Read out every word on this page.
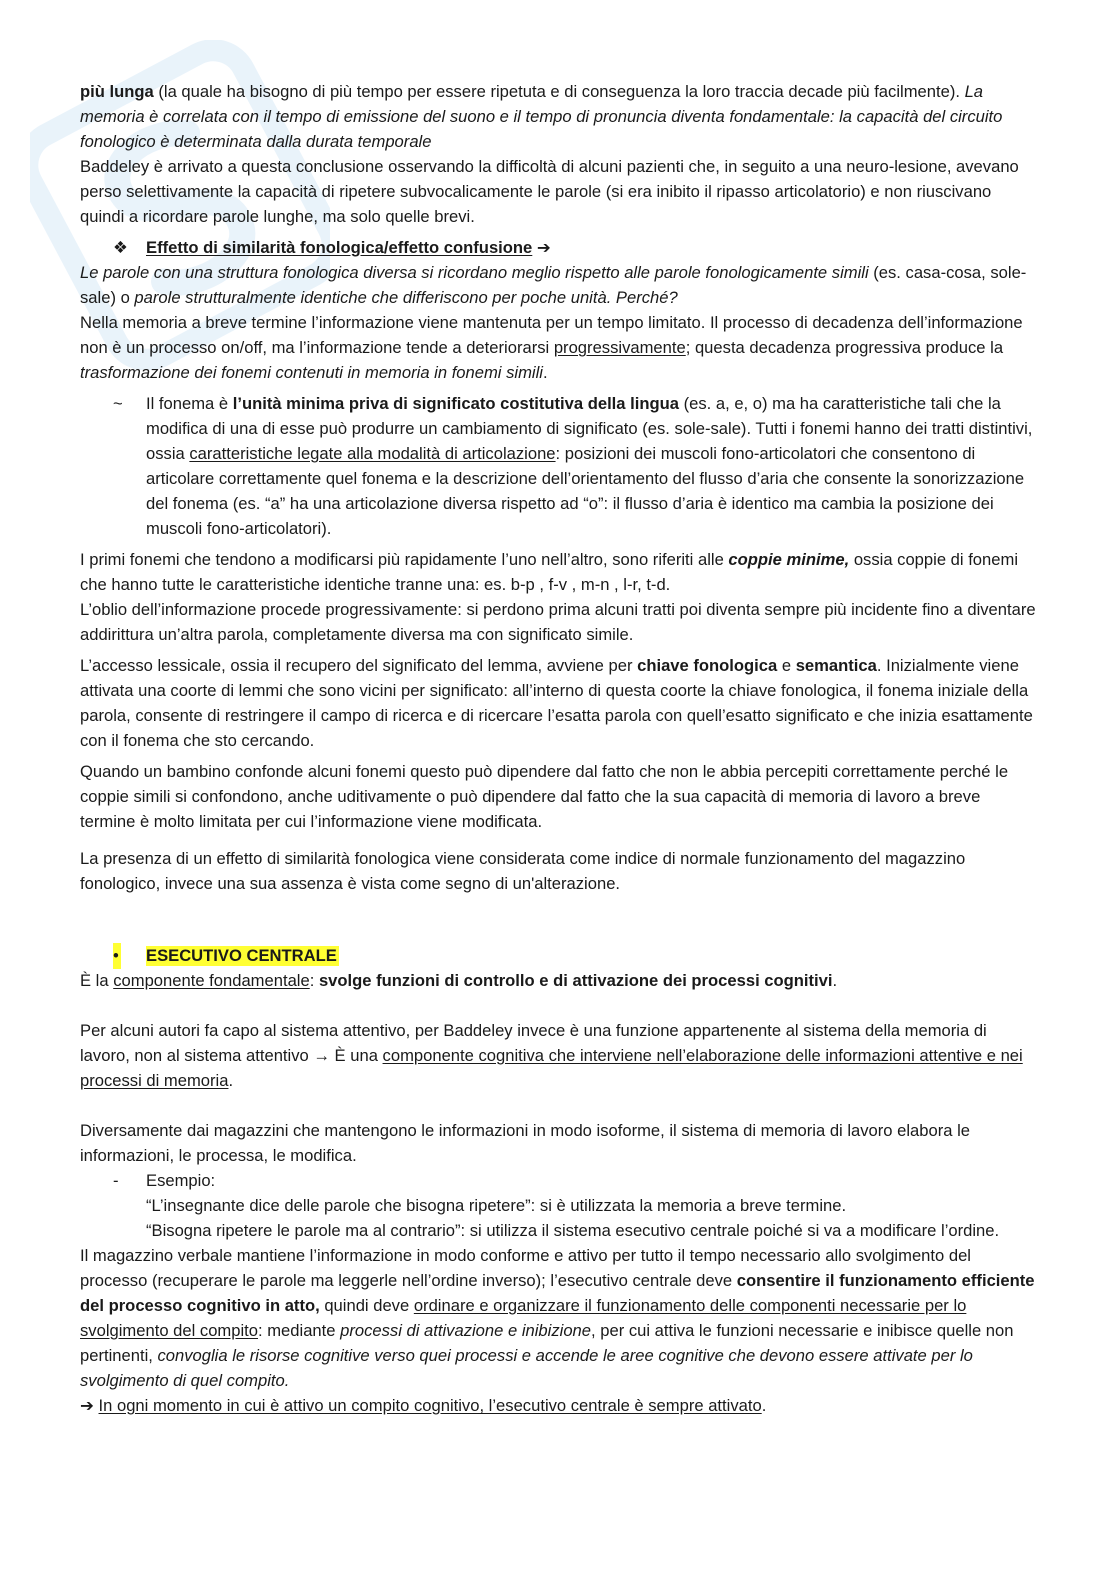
più lunga (la quale ha bisogno di più tempo per essere ripetuta e di conseguenza la loro traccia decade più facilmente). La memoria è correlata con il tempo di emissione del suono e il tempo di pronuncia diventa fondamentale: la capacità del circuito fonologico è determinata dalla durata temporale

Baddeley è arrivato a questa conclusione osservando la difficoltà di alcuni pazienti che, in seguito a una neuro-lesione, avevano perso selettivamente la capacità di ripetere subvocalicamente le parole (si era inibito il ripasso articolatorio) e non riuscivano quindi a ricordare parole lunghe, ma solo quelle brevi.

❖ Effetto di similarità fonologica/effetto confusione ➔

Le parole con una struttura fonologica diversa si ricordano meglio rispetto alle parole fonologicamente simili (es. casa-cosa, sole-sale) o parole strutturalmente identiche che differiscono per poche unità. Perché?

Nella memoria a breve termine l’informazione viene mantenuta per un tempo limitato. Il processo di decadenza dell’informazione non è un processo on/off, ma l’informazione tende a deteriorarsi progressivamente; questa decadenza progressiva produce la trasformazione dei fonemi contenuti in memoria in fonemi simili.

~ Il fonema è l’unità minima priva di significato costitutiva della lingua (es. a, e, o) ma ha caratteristiche tali che la modifica di una di esse può produrre un cambiamento di significato (es. sole-sale). Tutti i fonemi hanno dei tratti distintivi, ossia caratteristiche legate alla modalità di articolazione: posizioni dei muscoli fono-articolatori che consentono di articolare correttamente quel fonema e la descrizione dell’orientamento del flusso d’aria che consente la sonorizzazione del fonema (es. “a” ha una articolazione diversa rispetto ad “o”: il flusso d’aria è identico ma cambia la posizione dei muscoli fono-articolatori).

I primi fonemi che tendono a modificarsi più rapidamente l’uno nell’altro, sono riferiti alle coppie minime, ossia coppie di fonemi che hanno tutte le caratteristiche identiche tranne una: es. b-p , f-v , m-n , l-r, t-d.

L’oblio dell’informazione procede progressivamente: si perdono prima alcuni tratti poi diventa sempre più incidente fino a diventare addirittura un’altra parola, completamente diversa ma con significato simile.

L’accesso lessicale, ossia il recupero del significato del lemma, avviene per chiave fonologica e semantica. Inizialmente viene attivata una coorte di lemmi che sono vicini per significato: all’interno di questa coorte la chiave fonologica, il fonema iniziale della parola, consente di restringere il campo di ricerca e di ricercare l’esatta parola con quell’esatto significato e che inizia esattamente con il fonema che sto cercando.

Quando un bambino confonde alcuni fonemi questo può dipendere dal fatto che non le abbia percepiti correttamente perché le coppie simili si confondono, anche uditivamente o può dipendere dal fatto che la sua capacità di memoria di lavoro a breve termine è molto limitata per cui l’informazione viene modificata.

La presenza di un effetto di similarità fonologica viene considerata come indice di normale funzionamento del magazzino fonologico, invece una sua assenza è vista come segno di un'alterazione.

• ESECUTIVO CENTRALE

È la componente fondamentale: svolge funzioni di controllo e di attivazione dei processi cognitivi.

Per alcuni autori fa capo al sistema attentivo, per Baddeley invece è una funzione appartenente al sistema della memoria di lavoro, non al sistema attentivo → È una componente cognitiva che interviene nell’elaborazione delle informazioni attentive e nei processi di memoria.

Diversamente dai magazzini che mantengono le informazioni in modo isoforme, il sistema di memoria di lavoro elabora le informazioni, le processa, le modifica.

- Esempio:
“L’insegnante dice delle parole che bisogna ripetere”: si è utilizzata la memoria a breve termine.
“Bisogna ripetere le parole ma al contrario”: si utilizza il sistema esecutivo centrale poiché si va a modificare l’ordine.

Il magazzino verbale mantiene l’informazione in modo conforme e attivo per tutto il tempo necessario allo svolgimento del processo (recuperare le parole ma leggerle nell’ordine inverso); l’esecutivo centrale deve consentire il funzionamento efficiente del processo cognitivo in atto, quindi deve ordinare e organizzare il funzionamento delle componenti necessarie per lo svolgimento del compito: mediante processi di attivazione e inibizione, per cui attiva le funzioni necessarie e inibisce quelle non pertinenti, convoglia le risorse cognitive verso quei processi e accende le aree cognitive che devono essere attivate per lo svolgimento di quel compito.

➔ In ogni momento in cui è attivo un compito cognitivo, l’esecutivo centrale è sempre attivato.
